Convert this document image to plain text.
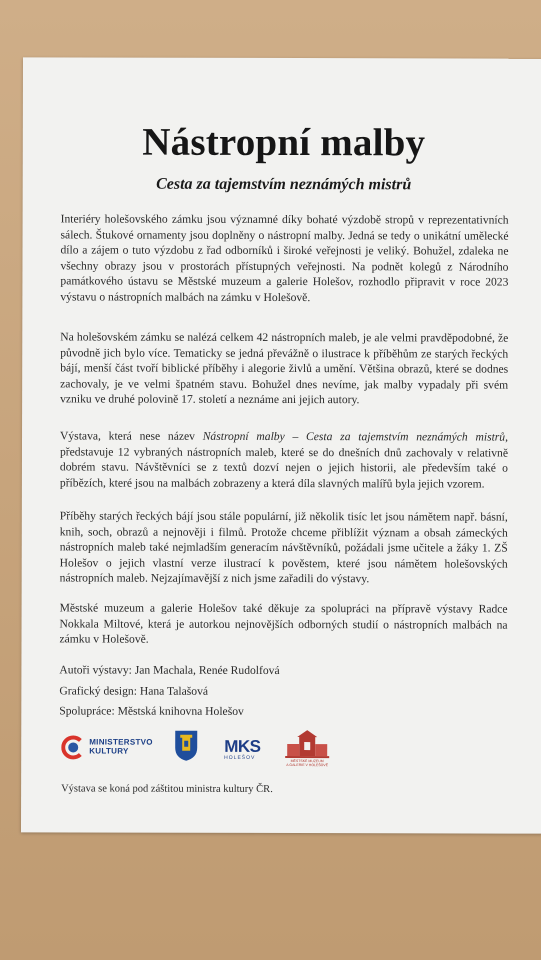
Nástropní malby
Cesta za tajemstvím neznámých mistrů

Interiéry holešovského zámku jsou významné díky bohaté výzdobě stropů v reprezentativních sálech. Štukové ornamenty jsou doplněny o nástropní malby. Jedná se tedy o unikátní umělecké dílo a zájem o tuto výzdobu z řad odborníků i široké veřejnosti je veliký. Bohužel, zdaleka ne všechny obrazy jsou v prostorách přístupných veřejnosti. Na podnět kolegů z Národního památkového ústavu se Městské muzeum a galerie Holešov, rozhodlo připravit v roce 2023 výstavu o nástropních malbách na zámku v Holešově.

Na holešovském zámku se nalézá celkem 42 nástropních maleb, je ale velmi pravděpodobné, že původně jich bylo více. Tematicky se jedná převážně o ilustrace k příběhům ze starých řeckých bájí, menší část tvoří biblické příběhy i alegorie živlů a umění. Většina obrazů, které se dodnes zachovaly, je ve velmi špatném stavu. Bohužel dnes nevíme, jak malby vypadaly při svém vzniku ve druhé polovině 17. století a neznáme ani jejich autory.

Výstava, která nese název Nástropní malby – Cesta za tajemstvím neznámých mistrů, představuje 12 vybraných nástropních maleb, které se do dnešních dnů zachovaly v relativně dobrém stavu. Návštěvníci se z textů dozví nejen o jejich historii, ale především také o příbězích, které jsou na malbách zobrazeny a která díla slavných malířů byla jejich vzorem.

Příběhy starých řeckých bájí jsou stále populární, již několik tisíc let jsou námětem např. básní, knih, soch, obrazů a nejnověji i filmů. Protože chceme přiblížit význam a obsah zámeckých nástropních maleb také nejmladším generacím návštěvníků, požádali jsme učitele a žáky 1. ZŠ Holešov o jejich vlastní verze ilustrací k pověstem, které jsou námětem holešovských nástropních maleb. Nejzajímavější z nich jsme zařadili do výstavy.

Městské muzeum a galerie Holešov také děkuje za spolupráci na přípravě výstavy Radce Nokkala Miltové, která je autorkou nejnovějších odborných studií o nástropních malbách na zámku v Holešově.

Autoři výstavy: Jan Machala, Renée Rudolfová

Grafický design: Hana Talašová

Spolupráce: Městská knihovna Holešov

MINISTERSTVO
KULTURY	MKS
HOLEŠOV
MĚSTSKÉ MUZEUM
A GALERIE V HOLEŠOVĚ

Výstava se koná pod záštitou ministra kultury ČR.
